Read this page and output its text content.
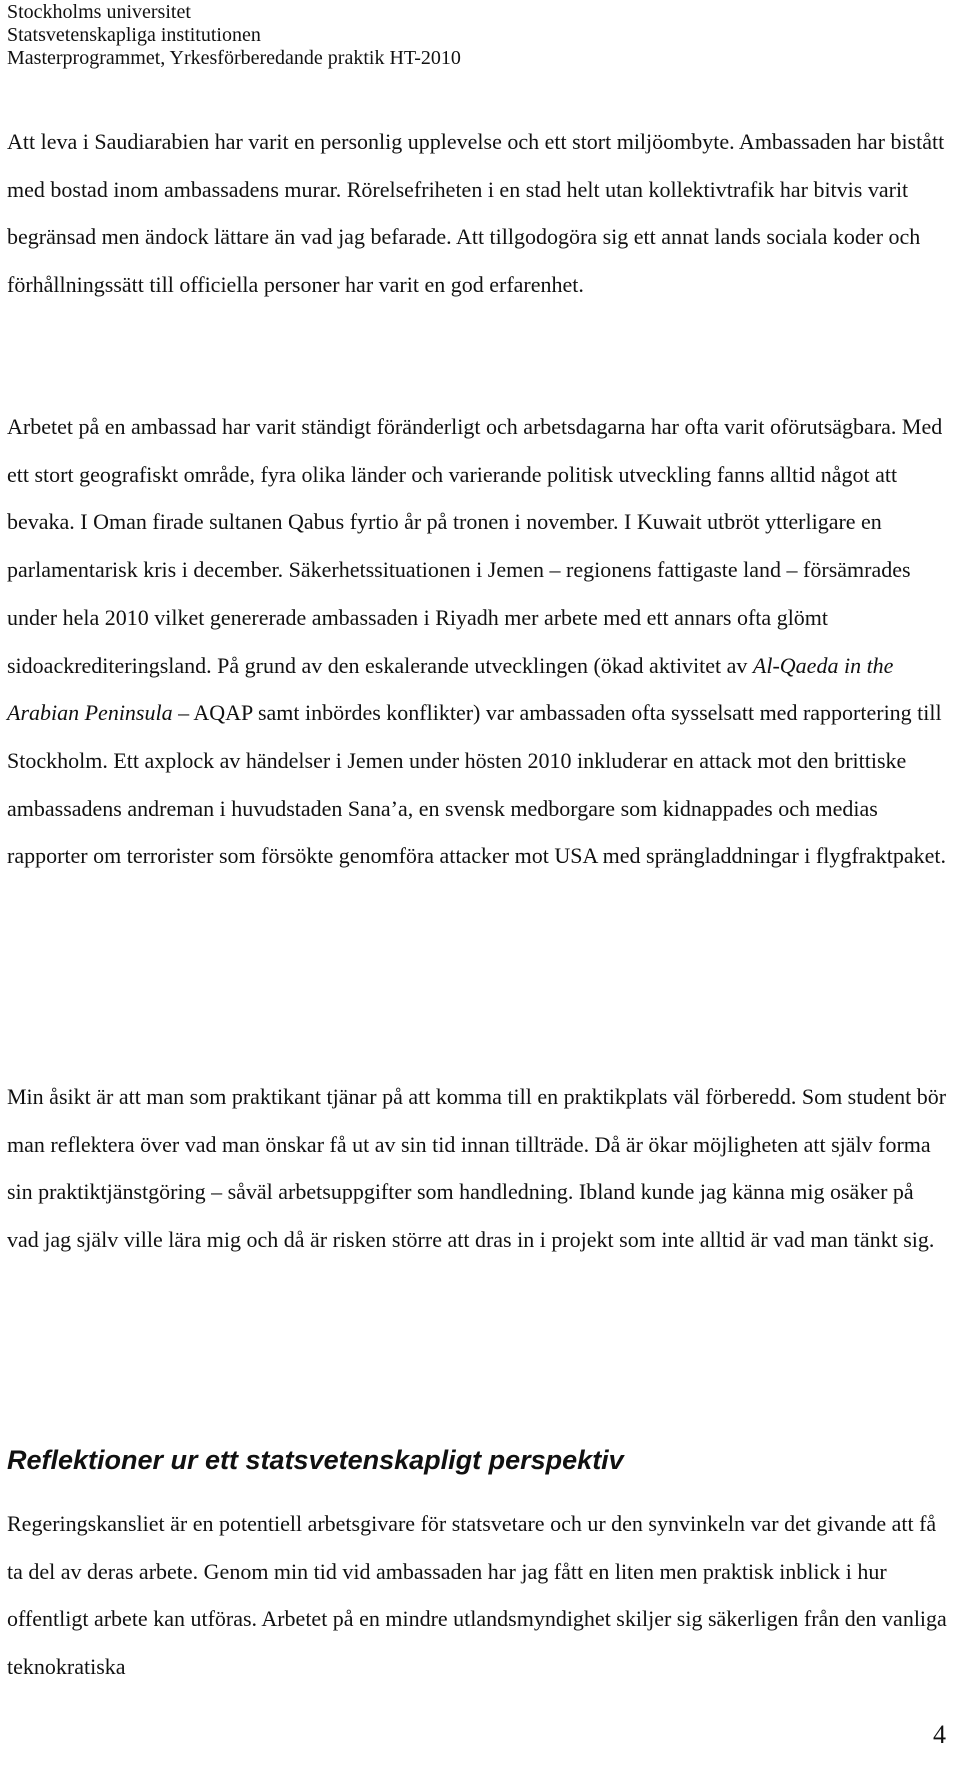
Stockholms universitet
Statsvetenskapliga institutionen
Masterprogrammet, Yrkesförberedande praktik HT-2010

Att leva i Saudiarabien har varit en personlig upplevelse och ett stort miljöombyte. Ambassaden har bistått med bostad inom ambassadens murar. Rörelsefriheten i en stad helt utan kollektivtrafik har bitvis varit begränsad men ändock lättare än vad jag befarade. Att tillgodogöra sig ett annat lands sociala koder och förhållningssätt till officiella personer har varit en god erfarenhet.

Arbetet på en ambassad har varit ständigt föränderligt och arbetsdagarna har ofta varit oförutsägbara. Med ett stort geografiskt område, fyra olika länder och varierande politisk utveckling fanns alltid något att bevaka. I Oman firade sultanen Qabus fyrtio år på tronen i november. I Kuwait utbröt ytterligare en parlamentarisk kris i december. Säkerhetssituationen i Jemen – regionens fattigaste land – försämrades under hela 2010 vilket genererade ambassaden i Riyadh mer arbete med ett annars ofta glömt sidoackrediteringsland. På grund av den eskalerande utvecklingen (ökad aktivitet av Al-Qaeda in the Arabian Peninsula – AQAP samt inbördes konflikter) var ambassaden ofta sysselsatt med rapportering till Stockholm. Ett axplock av händelser i Jemen under hösten 2010 inkluderar en attack mot den brittiske ambassadens andreman i huvudstaden Sana’a, en svensk medborgare som kidnappades och medias rapporter om terrorister som försökte genomföra attacker mot USA med sprängladdningar i flygfraktpaket.

Min åsikt är att man som praktikant tjänar på att komma till en praktikplats väl förberedd. Som student bör man reflektera över vad man önskar få ut av sin tid innan tillträde. Då är ökar möjligheten att själv forma sin praktiktjänstgöring – såväl arbetsuppgifter som handledning. Ibland kunde jag känna mig osäker på vad jag själv ville lära mig och då är risken större att dras in i projekt som inte alltid är vad man tänkt sig.

Reflektioner ur ett statsvetenskapligt perspektiv

Regeringskansliet är en potentiell arbetsgivare för statsvetare och ur den synvinkeln var det givande att få ta del av deras arbete. Genom min tid vid ambassaden har jag fått en liten men praktisk inblick i hur offentligt arbete kan utföras. Arbetet på en mindre utlandsmyndighet skiljer sig säkerligen från den vanliga teknokratiska

4
